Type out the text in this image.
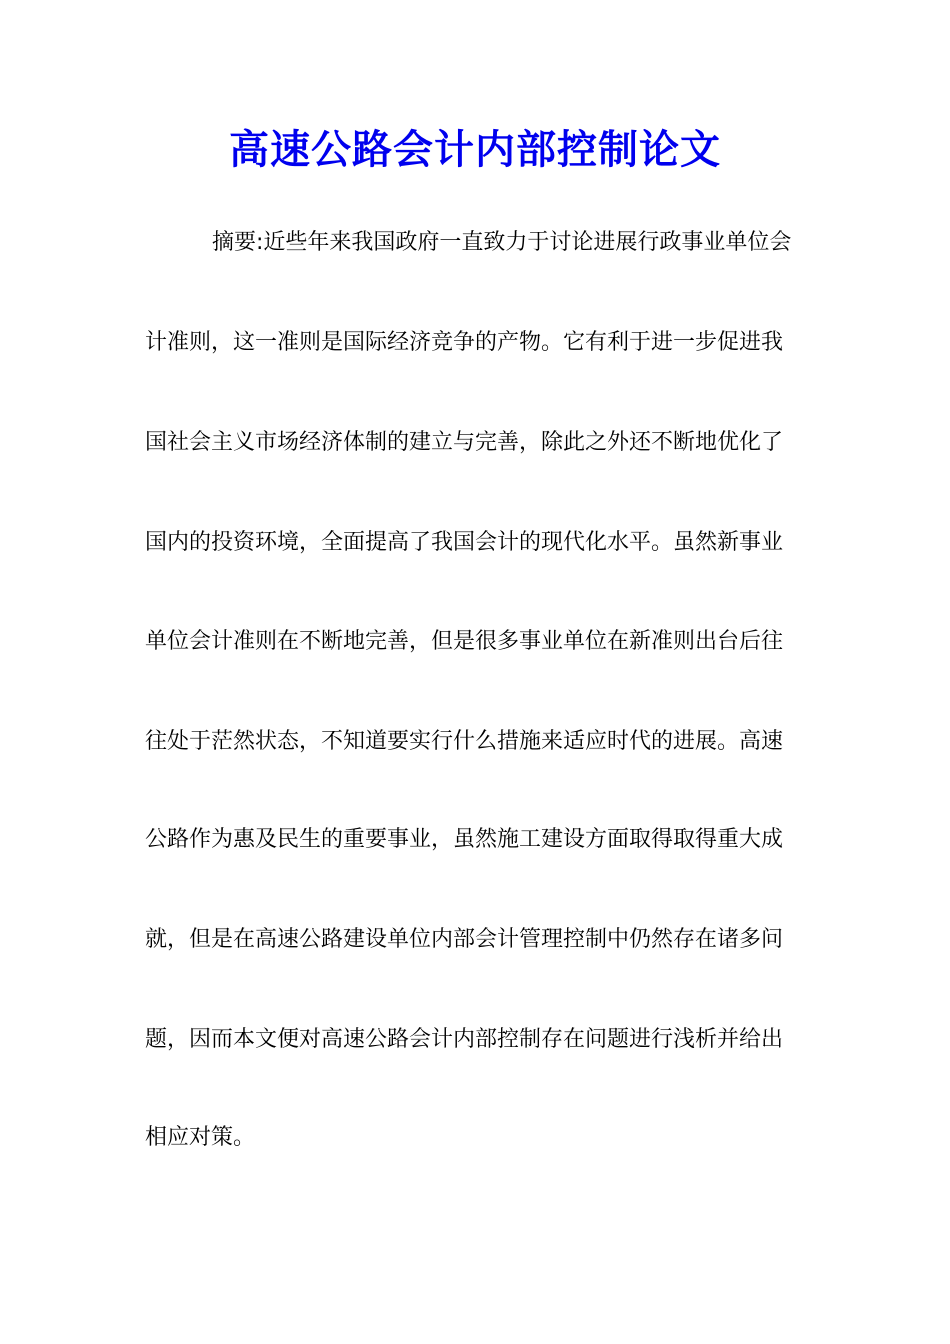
高速公路会计内部控制论文

摘要:近些年来我国政府一直致力于讨论进展行政事业单位会

计准则，这一准则是国际经济竞争的产物。它有利于进一步促进我

国社会主义市场经济体制的建立与完善，除此之外还不断地优化了

国内的投资环境，全面提高了我国会计的现代化水平。虽然新事业

单位会计准则在不断地完善，但是很多事业单位在新准则出台后往

往处于茫然状态，不知道要实行什么措施来适应时代的进展。高速

公路作为惠及民生的重要事业，虽然施工建设方面取得取得重大成

就，但是在高速公路建设单位内部会计管理控制中仍然存在诸多问

题，因而本文便对高速公路会计内部控制存在问题进行浅析并给出

相应对策。
